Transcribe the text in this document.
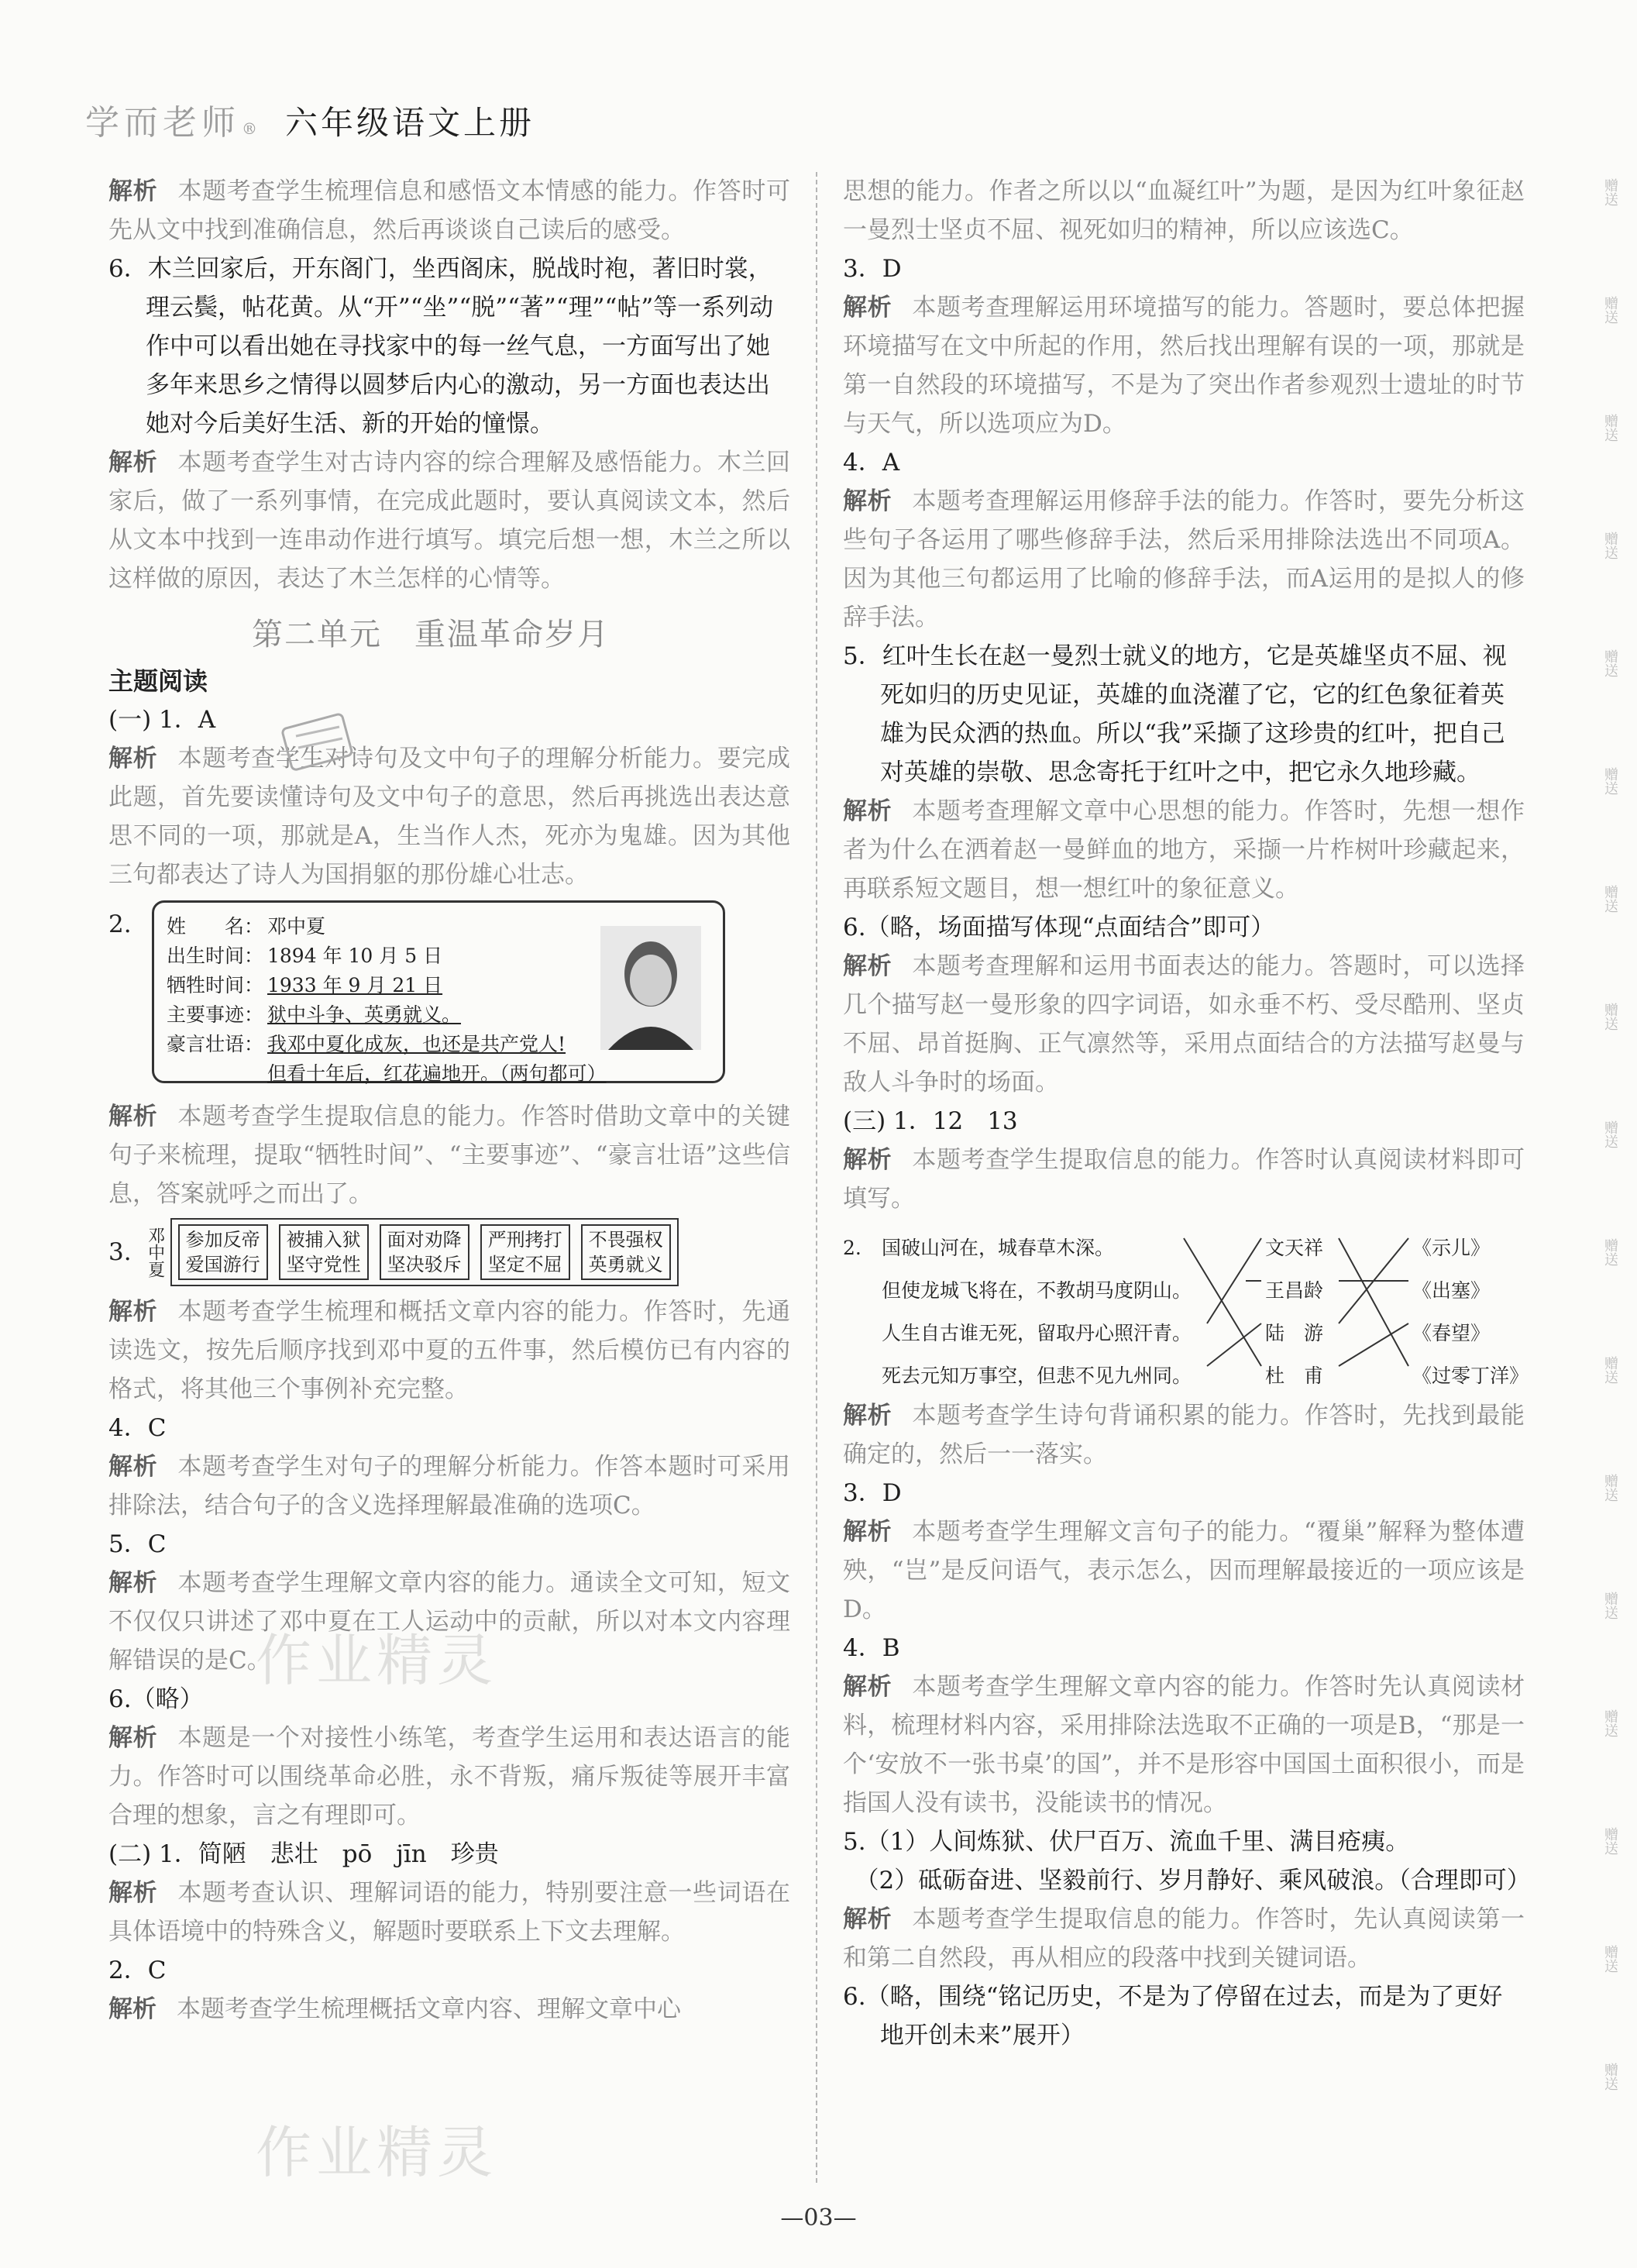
学而老师 ® 六年级语文上册

解析 本题考查学生梳理信息和感悟文本情感的能力。作答时可先从文中找到准确信息，然后再谈谈自己读后的感受。

6．木兰回家后，开东阁门，坐西阁床，脱战时袍，著旧时裳，理云鬓，帖花黄。从“开”“坐”“脱”“著”“理”“帖”等一系列动作中可以看出她在寻找家中的每一丝气息，一方面写出了她多年来思乡之情得以圆梦后内心的激动，另一方面也表达出她对今后美好生活、新的开始的憧憬。

解析 本题考查学生对古诗内容的综合理解及感悟能力。木兰回家后，做了一系列事情，在完成此题时，要认真阅读文本，然后从文本中找到一连串动作进行填写。填完后想一想，木兰之所以这样做的原因，表达了木兰怎样的心情等。

第二单元　重温革命岁月
主题阅读

(一) 1．A

解析 本题考查学生对诗句及文中句子的理解分析能力。要完成此题，首先要读懂诗句及文中句子的意思，然后再挑选出表达意思不同的一项，那就是A，生当作人杰，死亦为鬼雄。因为其他三句都表达了诗人为国捐躯的那份雄心壮志。

2. 姓　　名： 邓中夏
出生时间： 1894 年 10 月 5 日
牺牲时间： 1933 年 9 月 21 日
主要事迹： 狱中斗争、英勇就义。
豪言壮语： 我邓中夏化成灰，也还是共产党人!
但看十年后，红花遍地开。（两句都可）

解析 本题考查学生提取信息的能力。作答时借助文章中的关键句子来梳理，提取“牺牲时间”、“主要事迹”、“豪言壮语”这些信息，答案就呼之而出了。

3. 邓中夏	参加反帝
爱国游行
被捕入狱
坚守党性
面对劝降
坚决驳斥
严刑拷打
坚定不屈
不畏强权
英勇就义

解析 本题考查学生梳理和概括文章内容的能力。作答时，先通读选文，按先后顺序找到邓中夏的五件事，然后模仿已有内容的格式，将其他三个事例补充完整。

4．C

解析 本题考查学生对句子的理解分析能力。作答本题时可采用排除法，结合句子的含义选择理解最准确的选项C。

5．C

解析 本题考查学生理解文章内容的能力。通读全文可知，短文不仅仅只讲述了邓中夏在工人运动中的贡献，所以对本文内容理解错误的是C。

6.（略）

解析 本题是一个对接性小练笔，考查学生运用和表达语言的能力。作答时可以围绕革命必胜，永不背叛，痛斥叛徒等展开丰富合理的想象，言之有理即可。

(二) 1．简陋　悲壮　pō　jīn　珍贵

解析 本题考查认识、理解词语的能力，特别要注意一些词语在具体语境中的特殊含义，解题时要联系上下文去理解。

2．C

解析 本题考查学生梳理概括文章内容、理解文章中心

思想的能力。作者之所以以“血凝红叶”为题，是因为红叶象征赵一曼烈士坚贞不屈、视死如归的精神，所以应该选C。

3．D

解析 本题考查理解运用环境描写的能力。答题时，要总体把握环境描写在文中所起的作用，然后找出理解有误的一项，那就是第一自然段的环境描写，不是为了突出作者参观烈士遗址的时节与天气，所以选项应为D。

4．A

解析 本题考查理解运用修辞手法的能力。作答时，要先分析这些句子各运用了哪些修辞手法，然后采用排除法选出不同项A。因为其他三句都运用了比喻的修辞手法，而A运用的是拟人的修辞手法。

5．红叶生长在赵一曼烈士就义的地方，它是英雄坚贞不屈、视死如归的历史见证，英雄的血浇灌了它，它的红色象征着英雄为民众洒的热血。所以“我”采撷了这珍贵的红叶，把自己对英雄的崇敬、思念寄托于红叶之中，把它永久地珍藏。

解析 本题考查理解文章中心思想的能力。作答时，先想一想作者为什么在洒着赵一曼鲜血的地方，采撷一片柞树叶珍藏起来，再联系短文题目，想一想红叶的象征意义。

6.（略，场面描写体现“点面结合”即可）

解析 本题考查理解和运用书面表达的能力。答题时，可以选择几个描写赵一曼形象的四字词语，如永垂不朽、受尽酷刑、坚贞不屈、昂首挺胸、正气凛然等，采用点面结合的方法描写赵曼与敌人斗争时的场面。

(三) 1．12　13

解析 本题考查学生提取信息的能力。作答时认真阅读材料即可填写。

2. 国破山河在，城春草木深。
但使龙城飞将在，不教胡马度阴山。
人生自古谁无死，留取丹心照汗青。
死去元知万事空，但悲不见九州同。
文天祥
王昌龄
陆　游
杜　甫
《示儿》
《出塞》
《春望》
《过零丁洋》

解析 本题考查学生诗句背诵积累的能力。作答时，先找到最能确定的，然后一一落实。

3．D

解析 本题考查学生理解文言句子的能力。“覆巢”解释为整体遭殃，“岂”是反问语气，表示怎么，因而理解最接近的一项应该是D。

4．B

解析 本题考查学生理解文章内容的能力。作答时先认真阅读材料，梳理材料内容，采用排除法选取不正确的一项是B，“那是一个‘安放不一张书桌’的国”，并不是形容中国国土面积很小，而是指国人没有读书，没能读书的情况。

5.（1）人间炼狱、伏尸百万、流血千里、满目疮痍。

　（2）砥砺奋进、坚毅前行、岁月静好、乘风破浪。（合理即可）

解析 本题考查学生提取信息的能力。作答时，先认真阅读第一和第二自然段，再从相应的段落中找到关键词语。

6.（略，围绕“铭记历史，不是为了停留在过去，而是为了更好地开创未来”展开）

作业精灵
作业精灵
赠送
赠送
赠送
赠送
赠送
赠送
赠送
赠送
赠送
赠送
赠送
赠送
赠送
赠送
赠送
赠送
赠送
—03—
